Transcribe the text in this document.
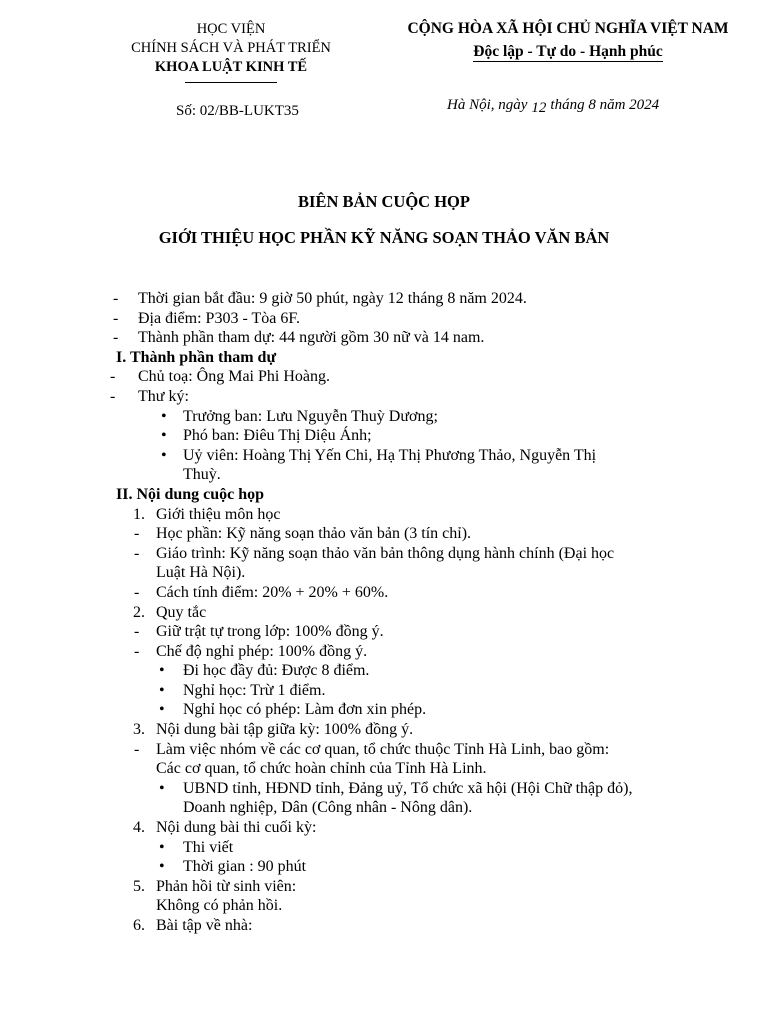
HỌC VIỆN
CHÍNH SÁCH VÀ PHÁT TRIỂN
KHOA LUẬT KINH TẾ
Số: 02/BB-LUKT35
CỘNG HÒA XÃ HỘI CHỦ NGHĨA VIỆT NAM
Độc lập - Tự do - Hạnh phúc
Hà Nội, ngày 12 tháng 8 năm 2024
BIÊN BẢN CUỘC HỌP
GIỚI THIỆU HỌC PHẦN KỸ NĂNG SOẠN THẢO VĂN BẢN
- Thời gian bắt đầu: 9 giờ 50 phút, ngày 12 tháng 8 năm 2024.
- Địa điểm: P303 - Tòa 6F.
- Thành phần tham dự: 44 người gồm 30 nữ và 14 nam.
I. Thành phần tham dự
- Chủ toạ: Ông Mai Phi Hoàng.
- Thư ký:
• Trưởng ban: Lưu Nguyễn Thuỳ Dương;
• Phó ban: Điêu Thị Diệu Ánh;
• Uỷ viên: Hoàng Thị Yến Chi, Hạ Thị Phương Thảo, Nguyễn Thị
Thuỳ.
II. Nội dung cuộc họp
1. Giới thiệu môn học
- Học phần: Kỹ năng soạn thảo văn bản (3 tín chỉ).
- Giáo trình: Kỹ năng soạn thảo văn bản thông dụng hành chính (Đại học
Luật Hà Nội).
- Cách tính điểm: 20% + 20% + 60%.
2. Quy tắc
- Giữ trật tự trong lớp: 100% đồng ý.
- Chế độ nghỉ phép: 100% đồng ý.
• Đi học đầy đủ: Được 8 điểm.
• Nghỉ học: Trừ 1 điểm.
• Nghỉ học có phép: Làm đơn xin phép.
3. Nội dung bài tập giữa kỳ: 100% đồng ý.
- Làm việc nhóm về các cơ quan, tổ chức thuộc Tỉnh Hà Linh, bao gồm:
Các cơ quan, tổ chức hoàn chỉnh của Tỉnh Hà Linh.
• UBND tỉnh, HĐND tỉnh, Đảng uỷ, Tổ chức xã hội (Hội Chữ thập đỏ),
Doanh nghiệp, Dân (Công nhân - Nông dân).
4. Nội dung bài thi cuối kỳ:
• Thi viết
• Thời gian : 90 phút
5. Phản hồi từ sinh viên:
Không có phản hồi.
6. Bài tập về nhà:
